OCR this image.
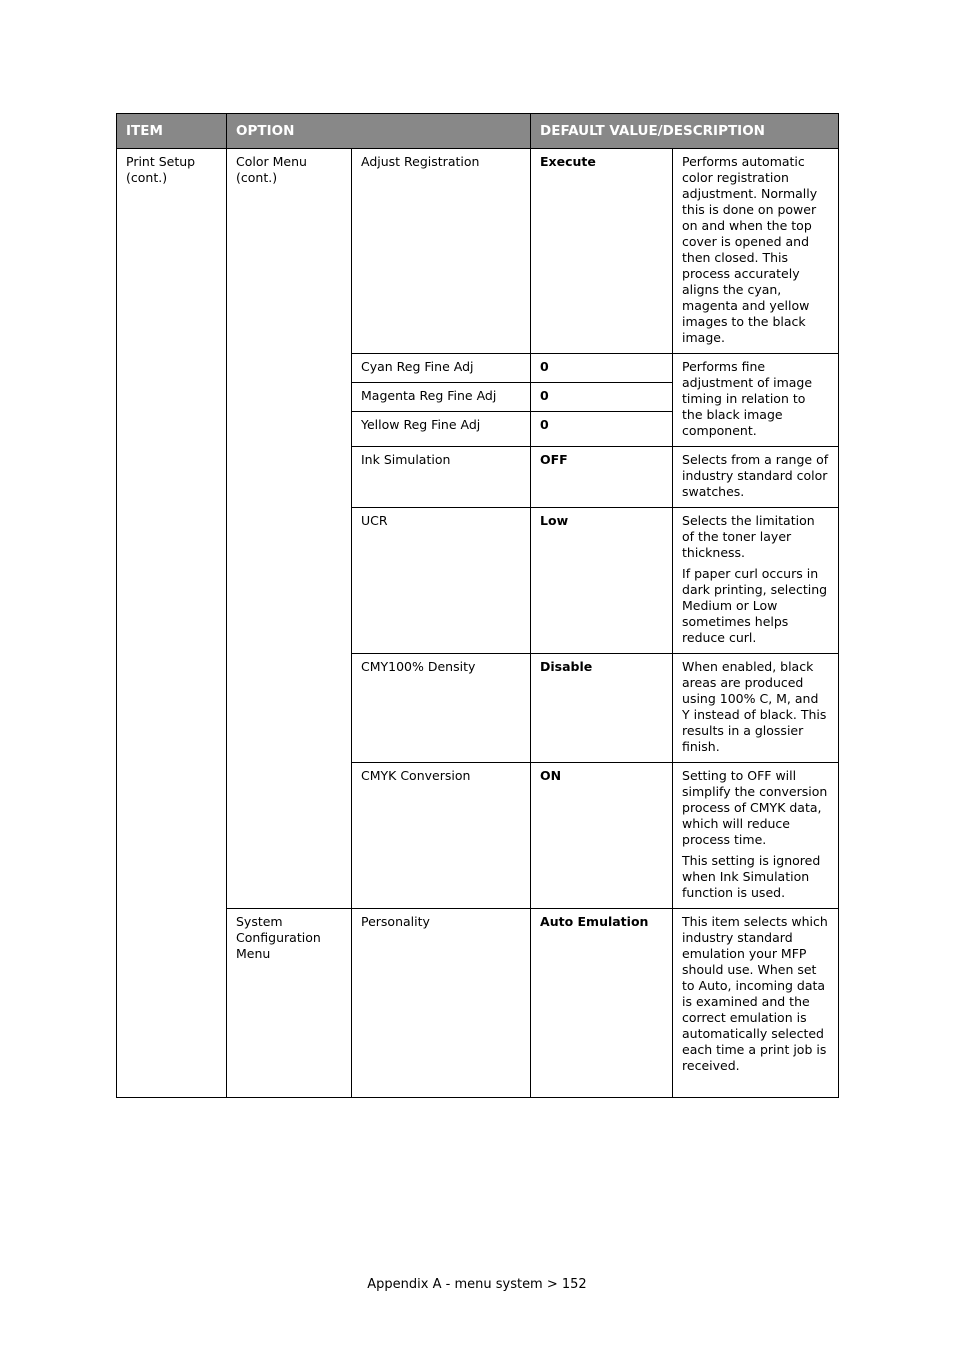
ITEM	OPTION		DEFAULT VALUE/DESCRIPTION	
Print Setup (cont.)	Color Menu (cont.)	Adjust Registration	Execute	Performs automatic color registration adjustment. Normally this is done on power on and when the top cover is opened and then closed. This process accurately aligns the cyan, magenta and yellow images to the black image.
		Cyan Reg Fine Adj	0	Performs fine adjustment of image timing in relation to the black image component.
		Magenta Reg Fine Adj	0	
		Yellow Reg Fine Adj	0	
		Ink Simulation	OFF	Selects from a range of industry standard color swatches.
		UCR	Low	Selects the limitation of the toner layer thickness.

If paper curl occurs in dark printing, selecting Medium or Low sometimes helps reduce curl.

		CMY100% Density	Disable	When enabled, black areas are produced using 100% C, M, and Y instead of black. This results in a glossier finish.
		CMYK Conversion	ON	Setting to OFF will simplify the conversion process of CMYK data, which will reduce process time.

This setting is ignored when Ink Simulation function is used.

	System Configuration Menu	Personality	Auto Emulation	This item selects which industry standard emulation your MFP should use. When set to Auto, incoming data is examined and the correct emulation is automatically selected each time a print job is received.
Appendix A - menu system > 152
